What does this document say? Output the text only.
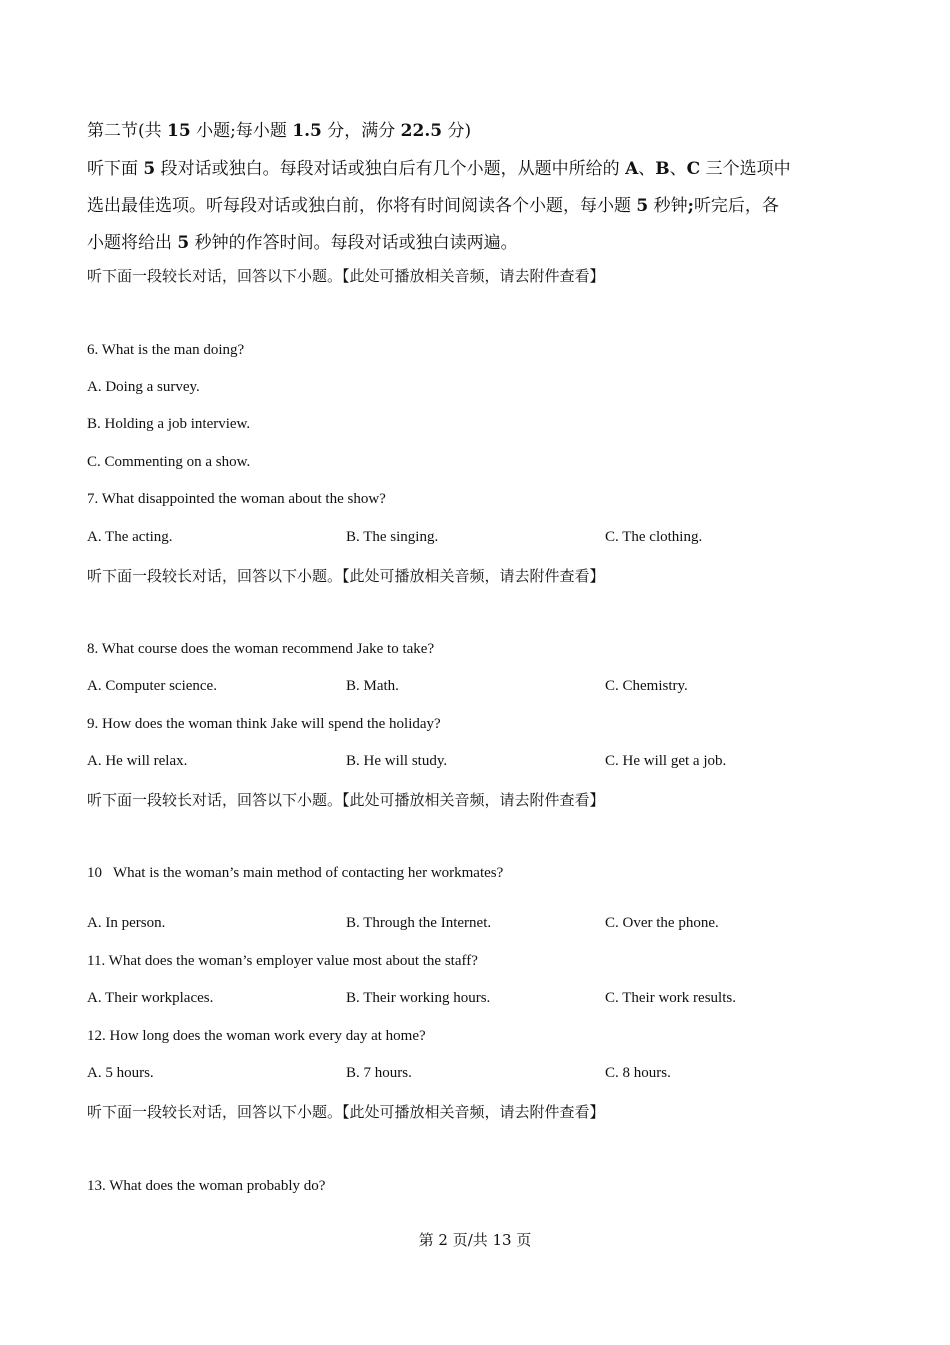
第二节(共 15 小题;每小题 1.5 分，满分 22.5 分)
听下面 5 段对话或独白。每段对话或独白后有几个小题，从题中所给的 A、B、C 三个选项中
选出最佳选项。听每段对话或独白前，你将有时间阅读各个小题，每小题 5 秒钟;听完后，各
小题将给出 5 秒钟的作答时间。每段对话或独白读两遍。
听下面一段较长对话，回答以下小题。【此处可播放相关音频，请去附件查看】
6. What is the man doing?
A. Doing a survey.
B. Holding a job interview.
C. Commenting on a show.
7. What disappointed the woman about the show?
A. The acting.	B. The singing.	C. The clothing.
听下面一段较长对话，回答以下小题。【此处可播放相关音频，请去附件查看】
8. What course does the woman recommend Jake to take?
A. Computer science.	B. Math.	C. Chemistry.
9. How does the woman think Jake will spend the holiday?
A. He will relax.	B. He will study.	C. He will get a job.
听下面一段较长对话，回答以下小题。【此处可播放相关音频，请去附件查看】
10   What is the woman’s main method of contacting her workmates?
A. In person.	B. Through the Internet.	C. Over the phone.
11. What does the woman’s employer value most about the staff?
A. Their workplaces.	B. Their working hours.	C. Their work results.
12. How long does the woman work every day at home?
A. 5 hours.	B. 7 hours.	C. 8 hours.
听下面一段较长对话，回答以下小题。【此处可播放相关音频，请去附件查看】
13. What does the woman probably do?
第 2 页/共 13 页
